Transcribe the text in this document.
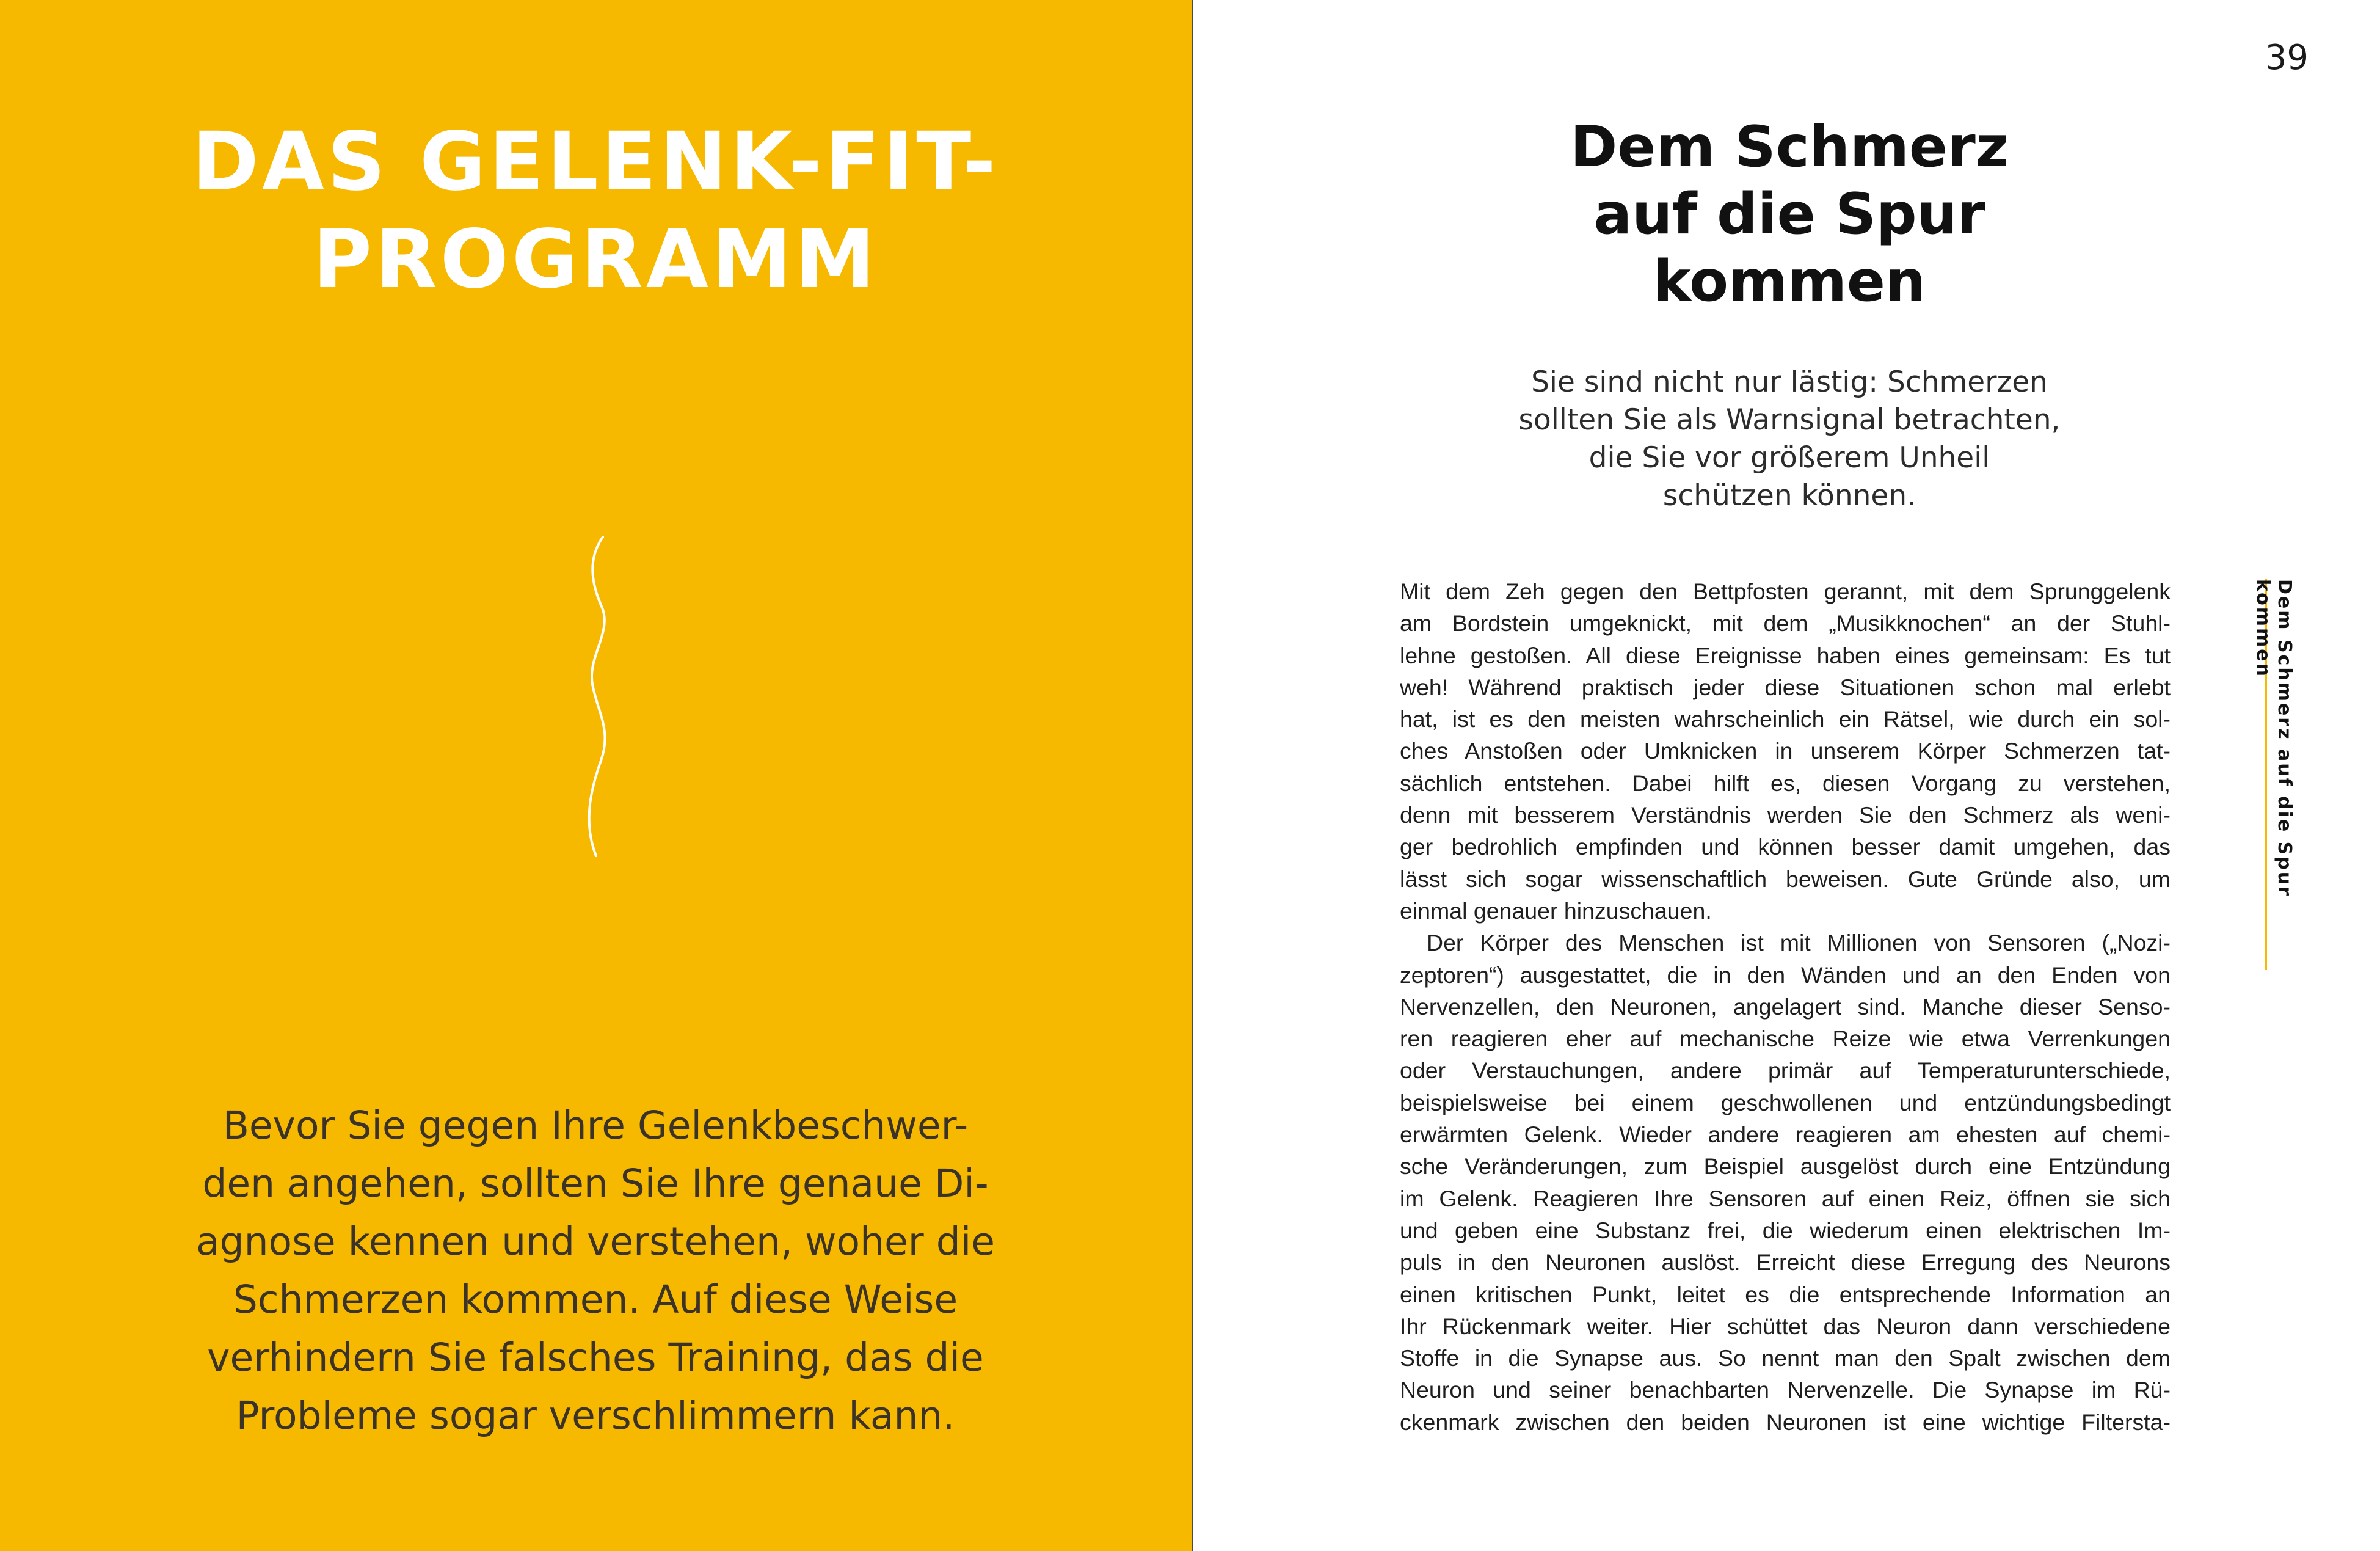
DAS GELENK-FIT-
PROGRAMM

Bevor Sie gegen Ihre Gelenkbeschwer-
den angehen, sollten Sie Ihre genaue Di-
agnose kennen und verstehen, woher die
Schmerzen kommen. Auf diese Weise
verhindern Sie falsches Training, das die
Probleme sogar verschlimmern kann.

39
Dem Schmerz
auf die Spur
kommen

Sie sind nicht nur lästig: Schmerzen
sollten Sie als Warnsignal betrachten,
die Sie vor größerem Unheil
schützen können.

Mit dem Zeh gegen den Bettpfosten gerannt, mit dem Sprunggelenk
am Bordstein umgeknickt, mit dem „Musikknochen“ an der Stuhl-
lehne gestoßen. All diese Ereignisse haben eines gemeinsam: Es tut
weh! Während praktisch jeder diese Situationen schon mal erlebt
hat, ist es den meisten wahrscheinlich ein Rätsel, wie durch ein sol-
ches Anstoßen oder Umknicken in unserem Körper Schmerzen tat-
sächlich entstehen. Dabei hilft es, diesen Vorgang zu verstehen,
denn mit besserem Verständnis werden Sie den Schmerz als weni-
ger bedrohlich empfinden und können besser damit umgehen, das
lässt sich sogar wissenschaftlich beweisen. Gute Gründe also, um
einmal genauer hinzuschauen.
Der Körper des Menschen ist mit Millionen von Sensoren („Nozi-
zeptoren“) ausgestattet, die in den Wänden und an den Enden von
Nervenzellen, den Neuronen, angelagert sind. Manche dieser Senso-
ren reagieren eher auf mechanische Reize wie etwa Verrenkungen
oder Verstauchungen, andere primär auf Temperaturunterschiede,
beispielsweise bei einem geschwollenen und entzündungsbedingt
erwärmten Gelenk. Wieder andere reagieren am ehesten auf chemi-
sche Veränderungen, zum Beispiel ausgelöst durch eine Entzündung
im Gelenk. Reagieren Ihre Sensoren auf einen Reiz, öffnen sie sich
und geben eine Substanz frei, die wiederum einen elektrischen Im-
puls in den Neuronen auslöst. Erreicht diese Erregung des Neurons
einen kritischen Punkt, leitet es die entsprechende Information an
Ihr Rückenmark weiter. Hier schüttet das Neuron dann verschiedene
Stoffe in die Synapse aus. So nennt man den Spalt zwischen dem
Neuron und seiner benachbarten Nervenzelle. Die Synapse im Rü-
ckenmark zwischen den beiden Neuronen ist eine wichtige Filtersta-
Dem Schmerz auf die Spur kommen
